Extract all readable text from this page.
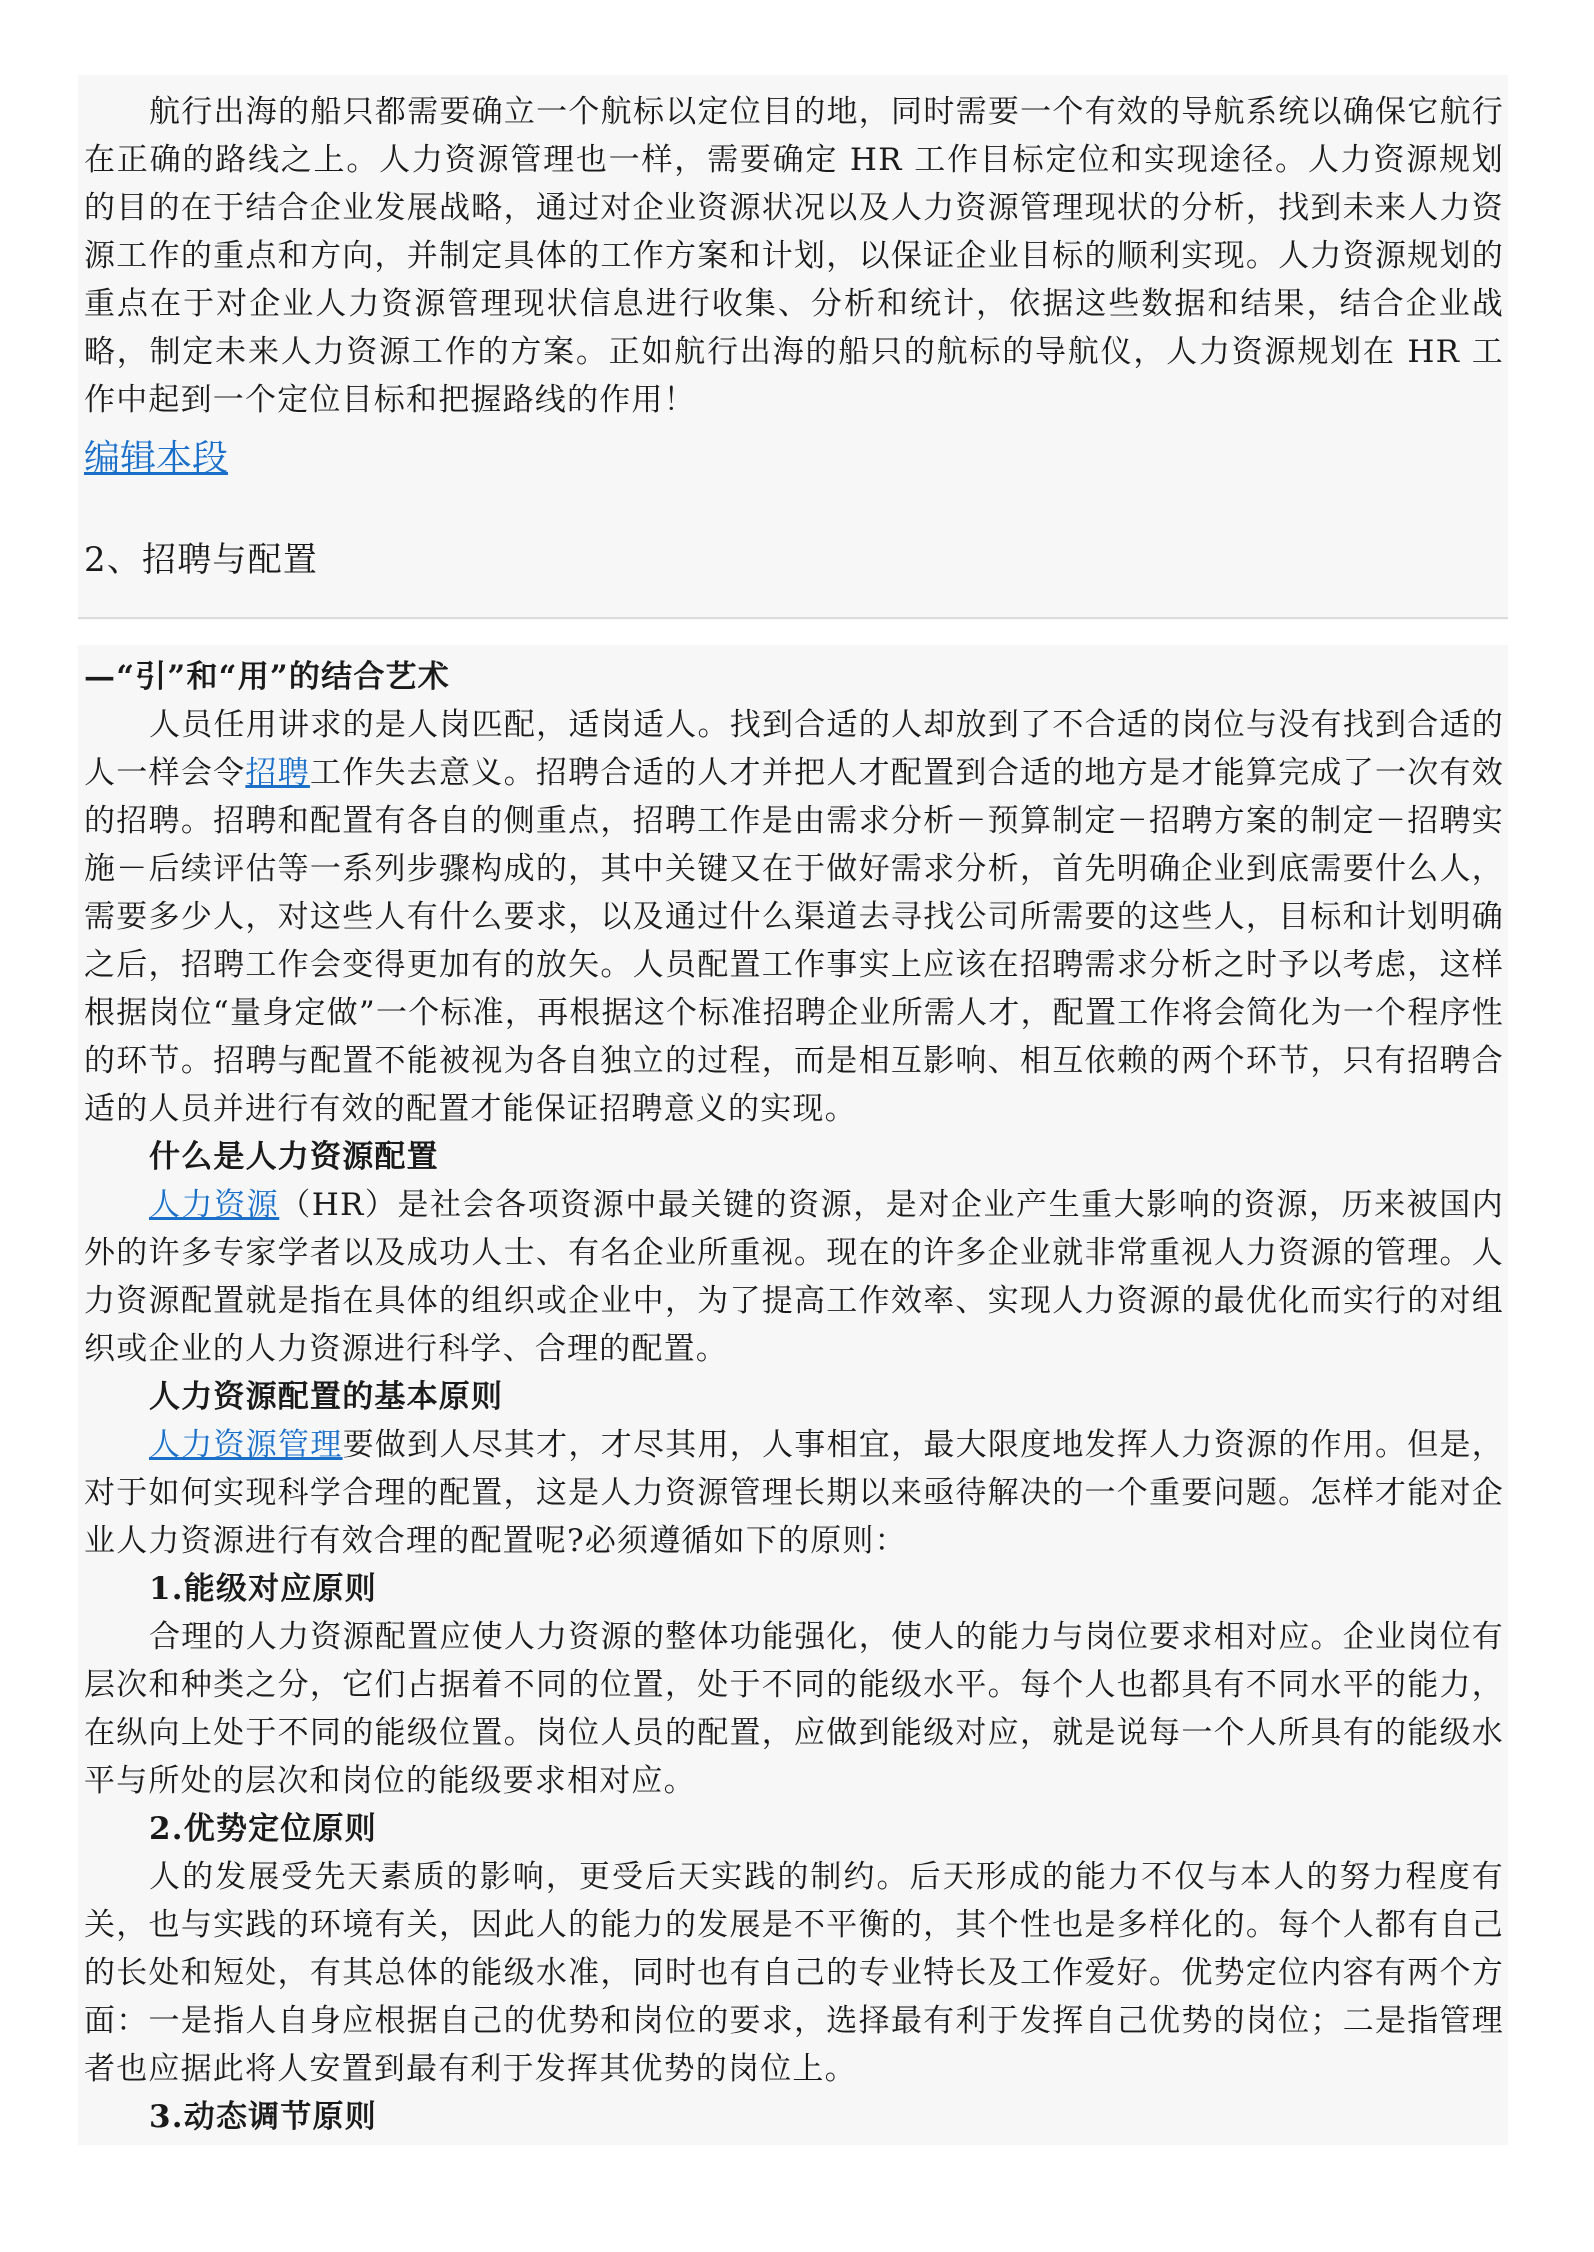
航行出海的船只都需要确立一个航标以定位目的地，同时需要一个有效的导航系统以确保它航行在正确的路线之上。人力资源管理也一样，需要确定 HR 工作目标定位和实现途径。人力资源规划的目的在于结合企业发展战略，通过对企业资源状况以及人力资源管理现状的分析，找到未来人力资源工作的重点和方向，并制定具体的工作方案和计划，以保证企业目标的顺利实现。人力资源规划的重点在于对企业人力资源管理现状信息进行收集、分析和统计，依据这些数据和结果，结合企业战略，制定未来人力资源工作的方案。正如航行出海的船只的航标的导航仪，人力资源规划在 HR 工作中起到一个定位目标和把握路线的作用！

编辑本段
2、招聘与配置

—“引”和“用”的结合艺术

人员任用讲求的是人岗匹配，适岗适人。找到合适的人却放到了不合适的岗位与没有找到合适的人一样会令招聘工作失去意义。招聘合适的人才并把人才配置到合适的地方是才能算完成了一次有效的招聘。招聘和配置有各自的侧重点，招聘工作是由需求分析－预算制定－招聘方案的制定－招聘实施－后续评估等一系列步骤构成的，其中关键又在于做好需求分析，首先明确企业到底需要什么人，需要多少人，对这些人有什么要求，以及通过什么渠道去寻找公司所需要的这些人，目标和计划明确之后，招聘工作会变得更加有的放矢。人员配置工作事实上应该在招聘需求分析之时予以考虑，这样根据岗位“量身定做”一个标准，再根据这个标准招聘企业所需人才，配置工作将会简化为一个程序性的环节。招聘与配置不能被视为各自独立的过程，而是相互影响、相互依赖的两个环节，只有招聘合适的人员并进行有效的配置才能保证招聘意义的实现。

什么是人力资源配置

人力资源（HR）是社会各项资源中最关键的资源，是对企业产生重大影响的资源，历来被国内外的许多专家学者以及成功人士、有名企业所重视。现在的许多企业就非常重视人力资源的管理。人力资源配置就是指在具体的组织或企业中，为了提高工作效率、实现人力资源的最优化而实行的对组织或企业的人力资源进行科学、合理的配置。

人力资源配置的基本原则

人力资源管理要做到人尽其才，才尽其用，人事相宜，最大限度地发挥人力资源的作用。但是，对于如何实现科学合理的配置，这是人力资源管理长期以来亟待解决的一个重要问题。怎样才能对企业人力资源进行有效合理的配置呢?必须遵循如下的原则：

1.能级对应原则

合理的人力资源配置应使人力资源的整体功能强化，使人的能力与岗位要求相对应。企业岗位有层次和种类之分，它们占据着不同的位置，处于不同的能级水平。每个人也都具有不同水平的能力，在纵向上处于不同的能级位置。岗位人员的配置，应做到能级对应，就是说每一个人所具有的能级水平与所处的层次和岗位的能级要求相对应。

2.优势定位原则

人的发展受先天素质的影响，更受后天实践的制约。后天形成的能力不仅与本人的努力程度有关，也与实践的环境有关，因此人的能力的发展是不平衡的，其个性也是多样化的。每个人都有自己的长处和短处，有其总体的能级水准，同时也有自己的专业特长及工作爱好。优势定位内容有两个方面：一是指人自身应根据自己的优势和岗位的要求，选择最有利于发挥自己优势的岗位；二是指管理者也应据此将人安置到最有利于发挥其优势的岗位上。

3.动态调节原则
